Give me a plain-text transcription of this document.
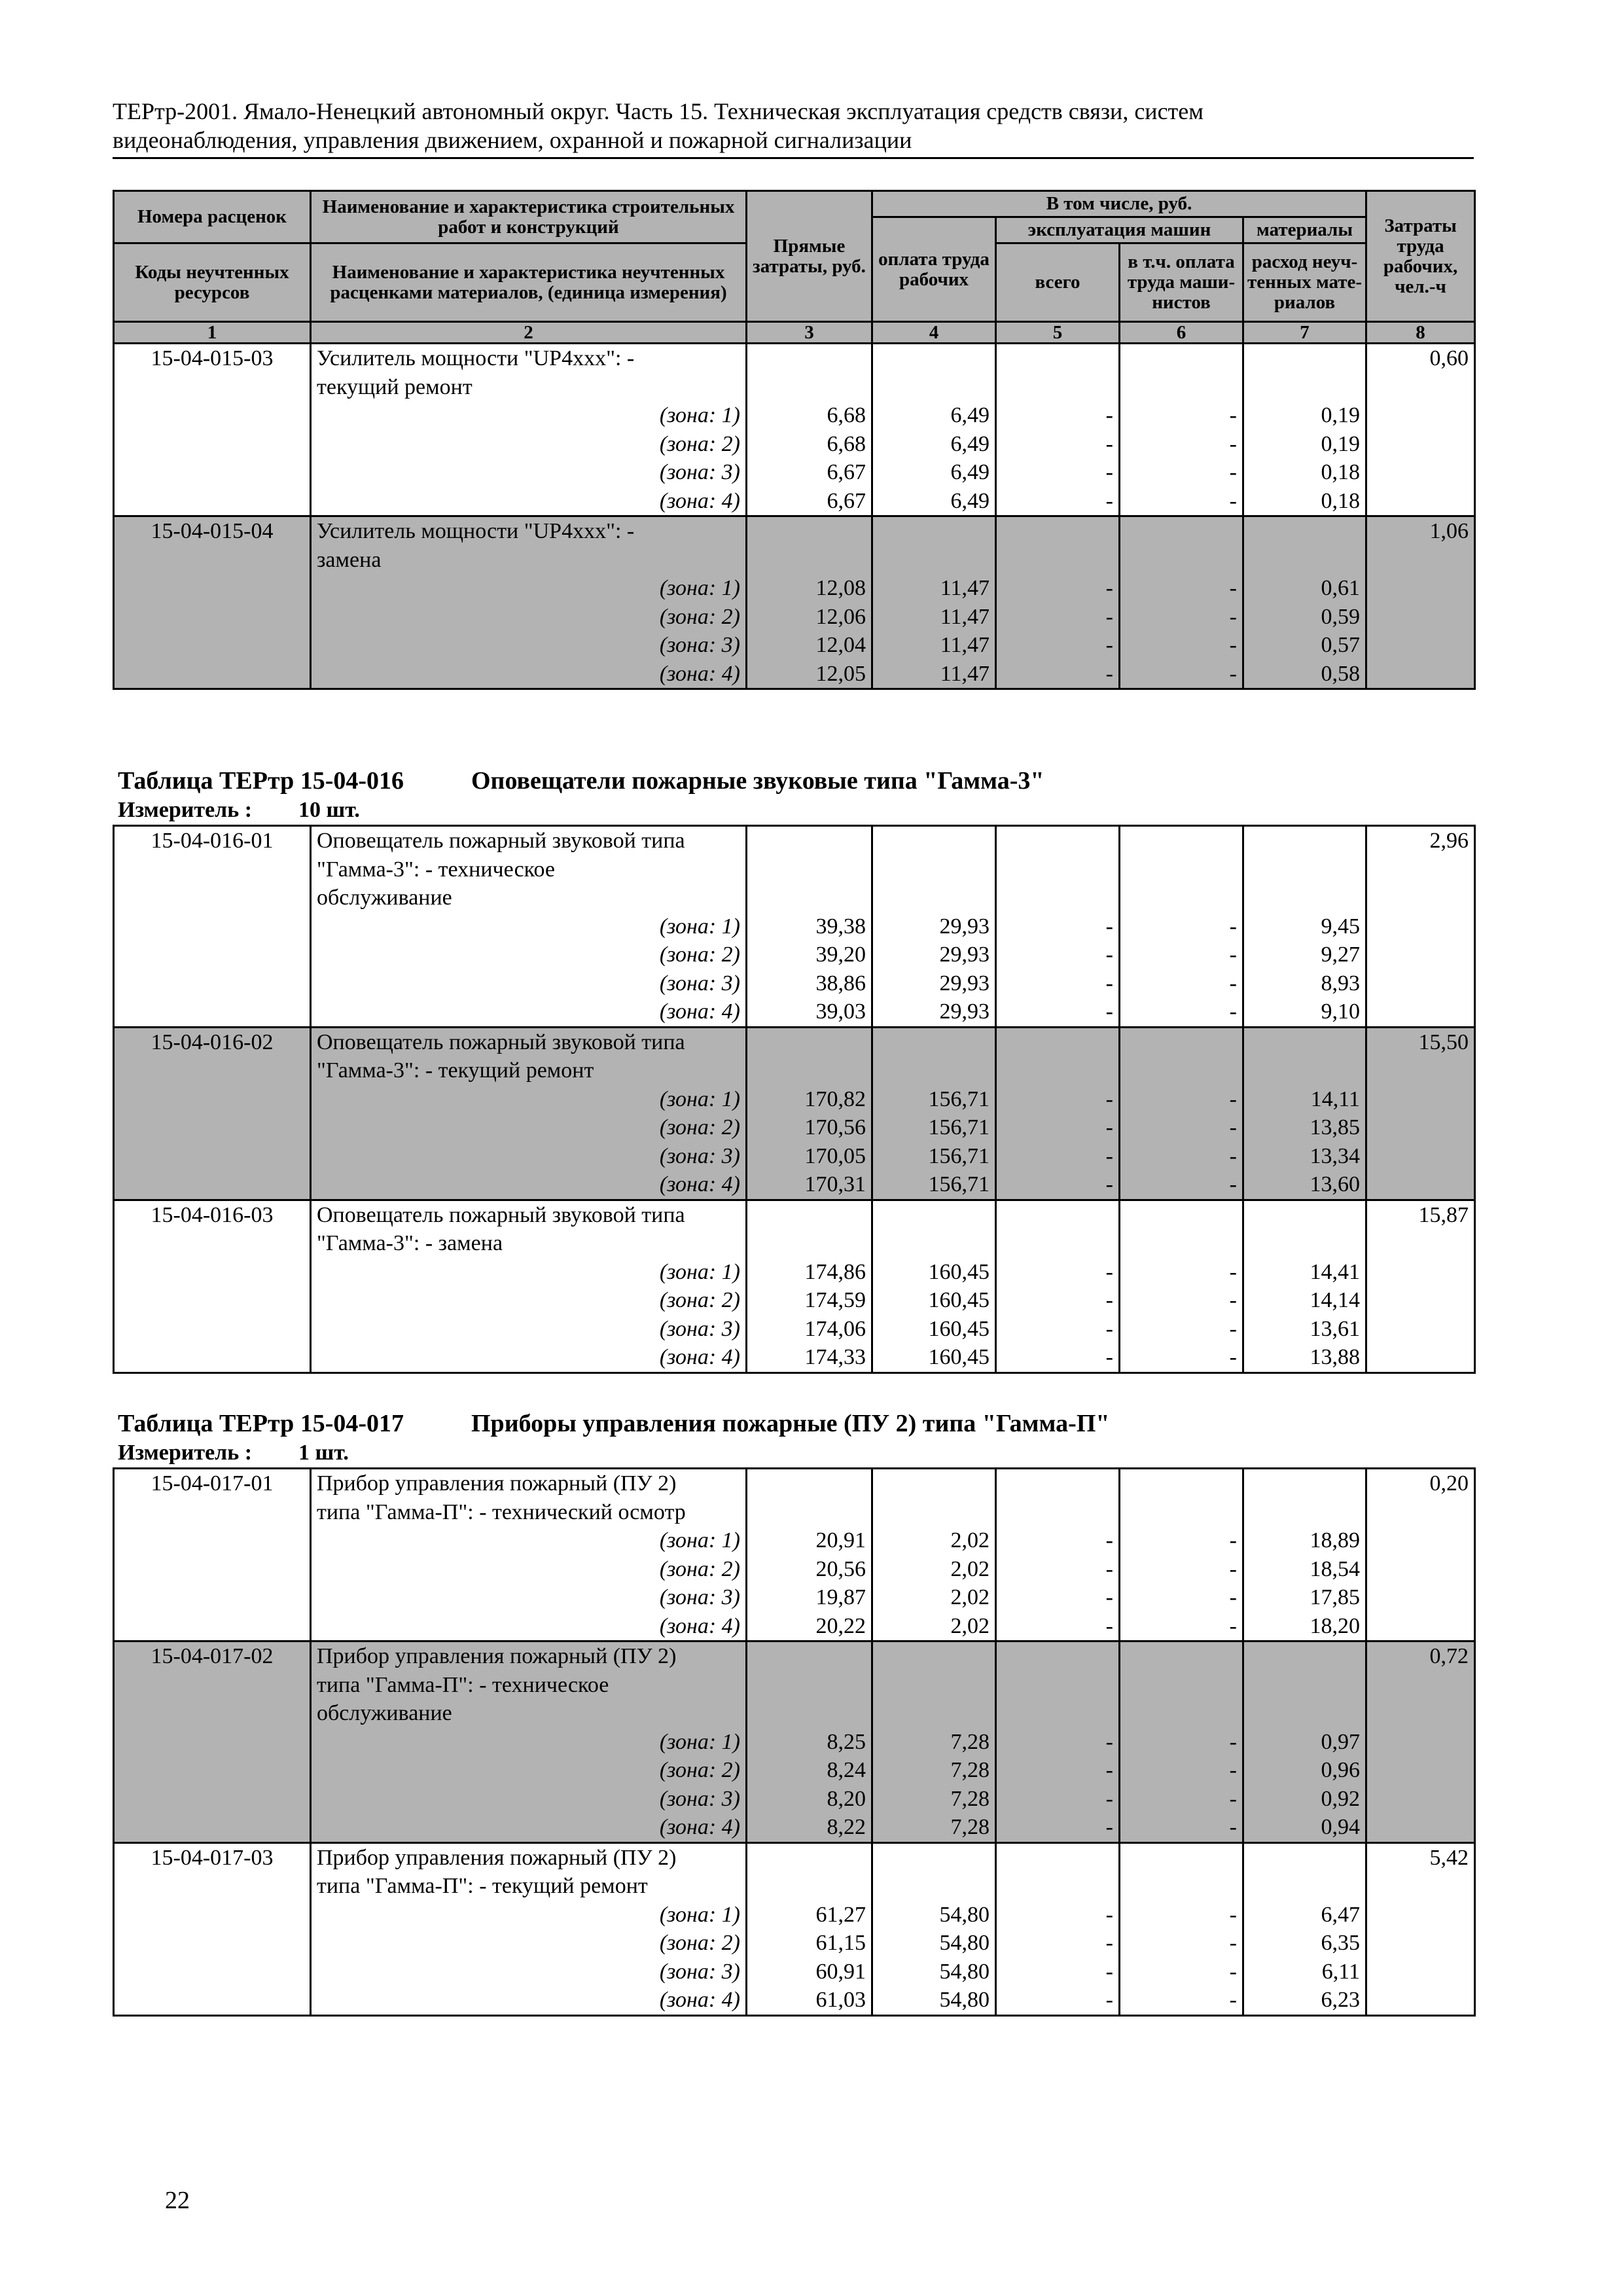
ТЕРтр-2001. Ямало-Ненецкий автономный округ. Часть 15. Техническая эксплуатация средств связи, систем
видеонаблюдения, управления движением, охранной и пожарной сигнализации
Номера расценок	Наименование и характеристика строительных работ и конструкций	Прямые затраты, руб.	В том числе, руб.				Затраты труда рабочих, чел.-ч
			оплата труда рабочих	эксплуатация машин		материалы	
Коды неучтенных ресурсов	Наименование и характеристика неучтенных расценками материалов, (единица измерения)			всего	в т.ч. оплата труда маши-нистов	расход неуч-тенных мате-риалов	

1	2	3	4	5	6	7	8
15-04-015-03	Усилитель мощности "UP4xxx": -						0,60
	текущий ремонт						
	(зона: 1)	6,68	6,49	-	-	0,19	
	(зона: 2)	6,68	6,49	-	-	0,19	
	(зона: 3)	6,67	6,49	-	-	0,18	
	(зона: 4)	6,67	6,49	-	-	0,18	
15-04-015-04	Усилитель мощности "UP4xxx": -						1,06
	замена						
	(зона: 1)	12,08	11,47	-	-	0,61	
	(зона: 2)	12,06	11,47	-	-	0,59	
	(зона: 3)	12,04	11,47	-	-	0,57	
	(зона: 4)	12,05	11,47	-	-	0,58	
Таблица ТЕРтр 15-04-016	Оповещатели пожарные звуковые типа "Гамма-3"
Измеритель : 10 шт.
15-04-016-01	Оповещатель пожарный звуковой типа						2,96
	"Гамма-3": - техническое						
	обслуживание						
	(зона: 1)	39,38	29,93	-	-	9,45	
	(зона: 2)	39,20	29,93	-	-	9,27	
	(зона: 3)	38,86	29,93	-	-	8,93	
	(зона: 4)	39,03	29,93	-	-	9,10	
15-04-016-02	Оповещатель пожарный звуковой типа						15,50
	"Гамма-3": - текущий ремонт						
	(зона: 1)	170,82	156,71	-	-	14,11	
	(зона: 2)	170,56	156,71	-	-	13,85	
	(зона: 3)	170,05	156,71	-	-	13,34	
	(зона: 4)	170,31	156,71	-	-	13,60	
15-04-016-03	Оповещатель пожарный звуковой типа						15,87
	"Гамма-3": - замена						
	(зона: 1)	174,86	160,45	-	-	14,41	
	(зона: 2)	174,59	160,45	-	-	14,14	
	(зона: 3)	174,06	160,45	-	-	13,61	
	(зона: 4)	174,33	160,45	-	-	13,88	
Таблица ТЕРтр 15-04-017	Приборы управления пожарные (ПУ 2) типа "Гамма-П"
Измеритель : 1 шт.
15-04-017-01	Прибор управления пожарный (ПУ 2)						0,20
	типа "Гамма-П": - технический осмотр						
	(зона: 1)	20,91	2,02	-	-	18,89	
	(зона: 2)	20,56	2,02	-	-	18,54	
	(зона: 3)	19,87	2,02	-	-	17,85	
	(зона: 4)	20,22	2,02	-	-	18,20	
15-04-017-02	Прибор управления пожарный (ПУ 2)						0,72
	типа "Гамма-П": - техническое						
	обслуживание						
	(зона: 1)	8,25	7,28	-	-	0,97	
	(зона: 2)	8,24	7,28	-	-	0,96	
	(зона: 3)	8,20	7,28	-	-	0,92	
	(зона: 4)	8,22	7,28	-	-	0,94	
15-04-017-03	Прибор управления пожарный (ПУ 2)						5,42
	типа "Гамма-П": - текущий ремонт						
	(зона: 1)	61,27	54,80	-	-	6,47	
	(зона: 2)	61,15	54,80	-	-	6,35	
	(зона: 3)	60,91	54,80	-	-	6,11	
	(зона: 4)	61,03	54,80	-	-	6,23	
22
